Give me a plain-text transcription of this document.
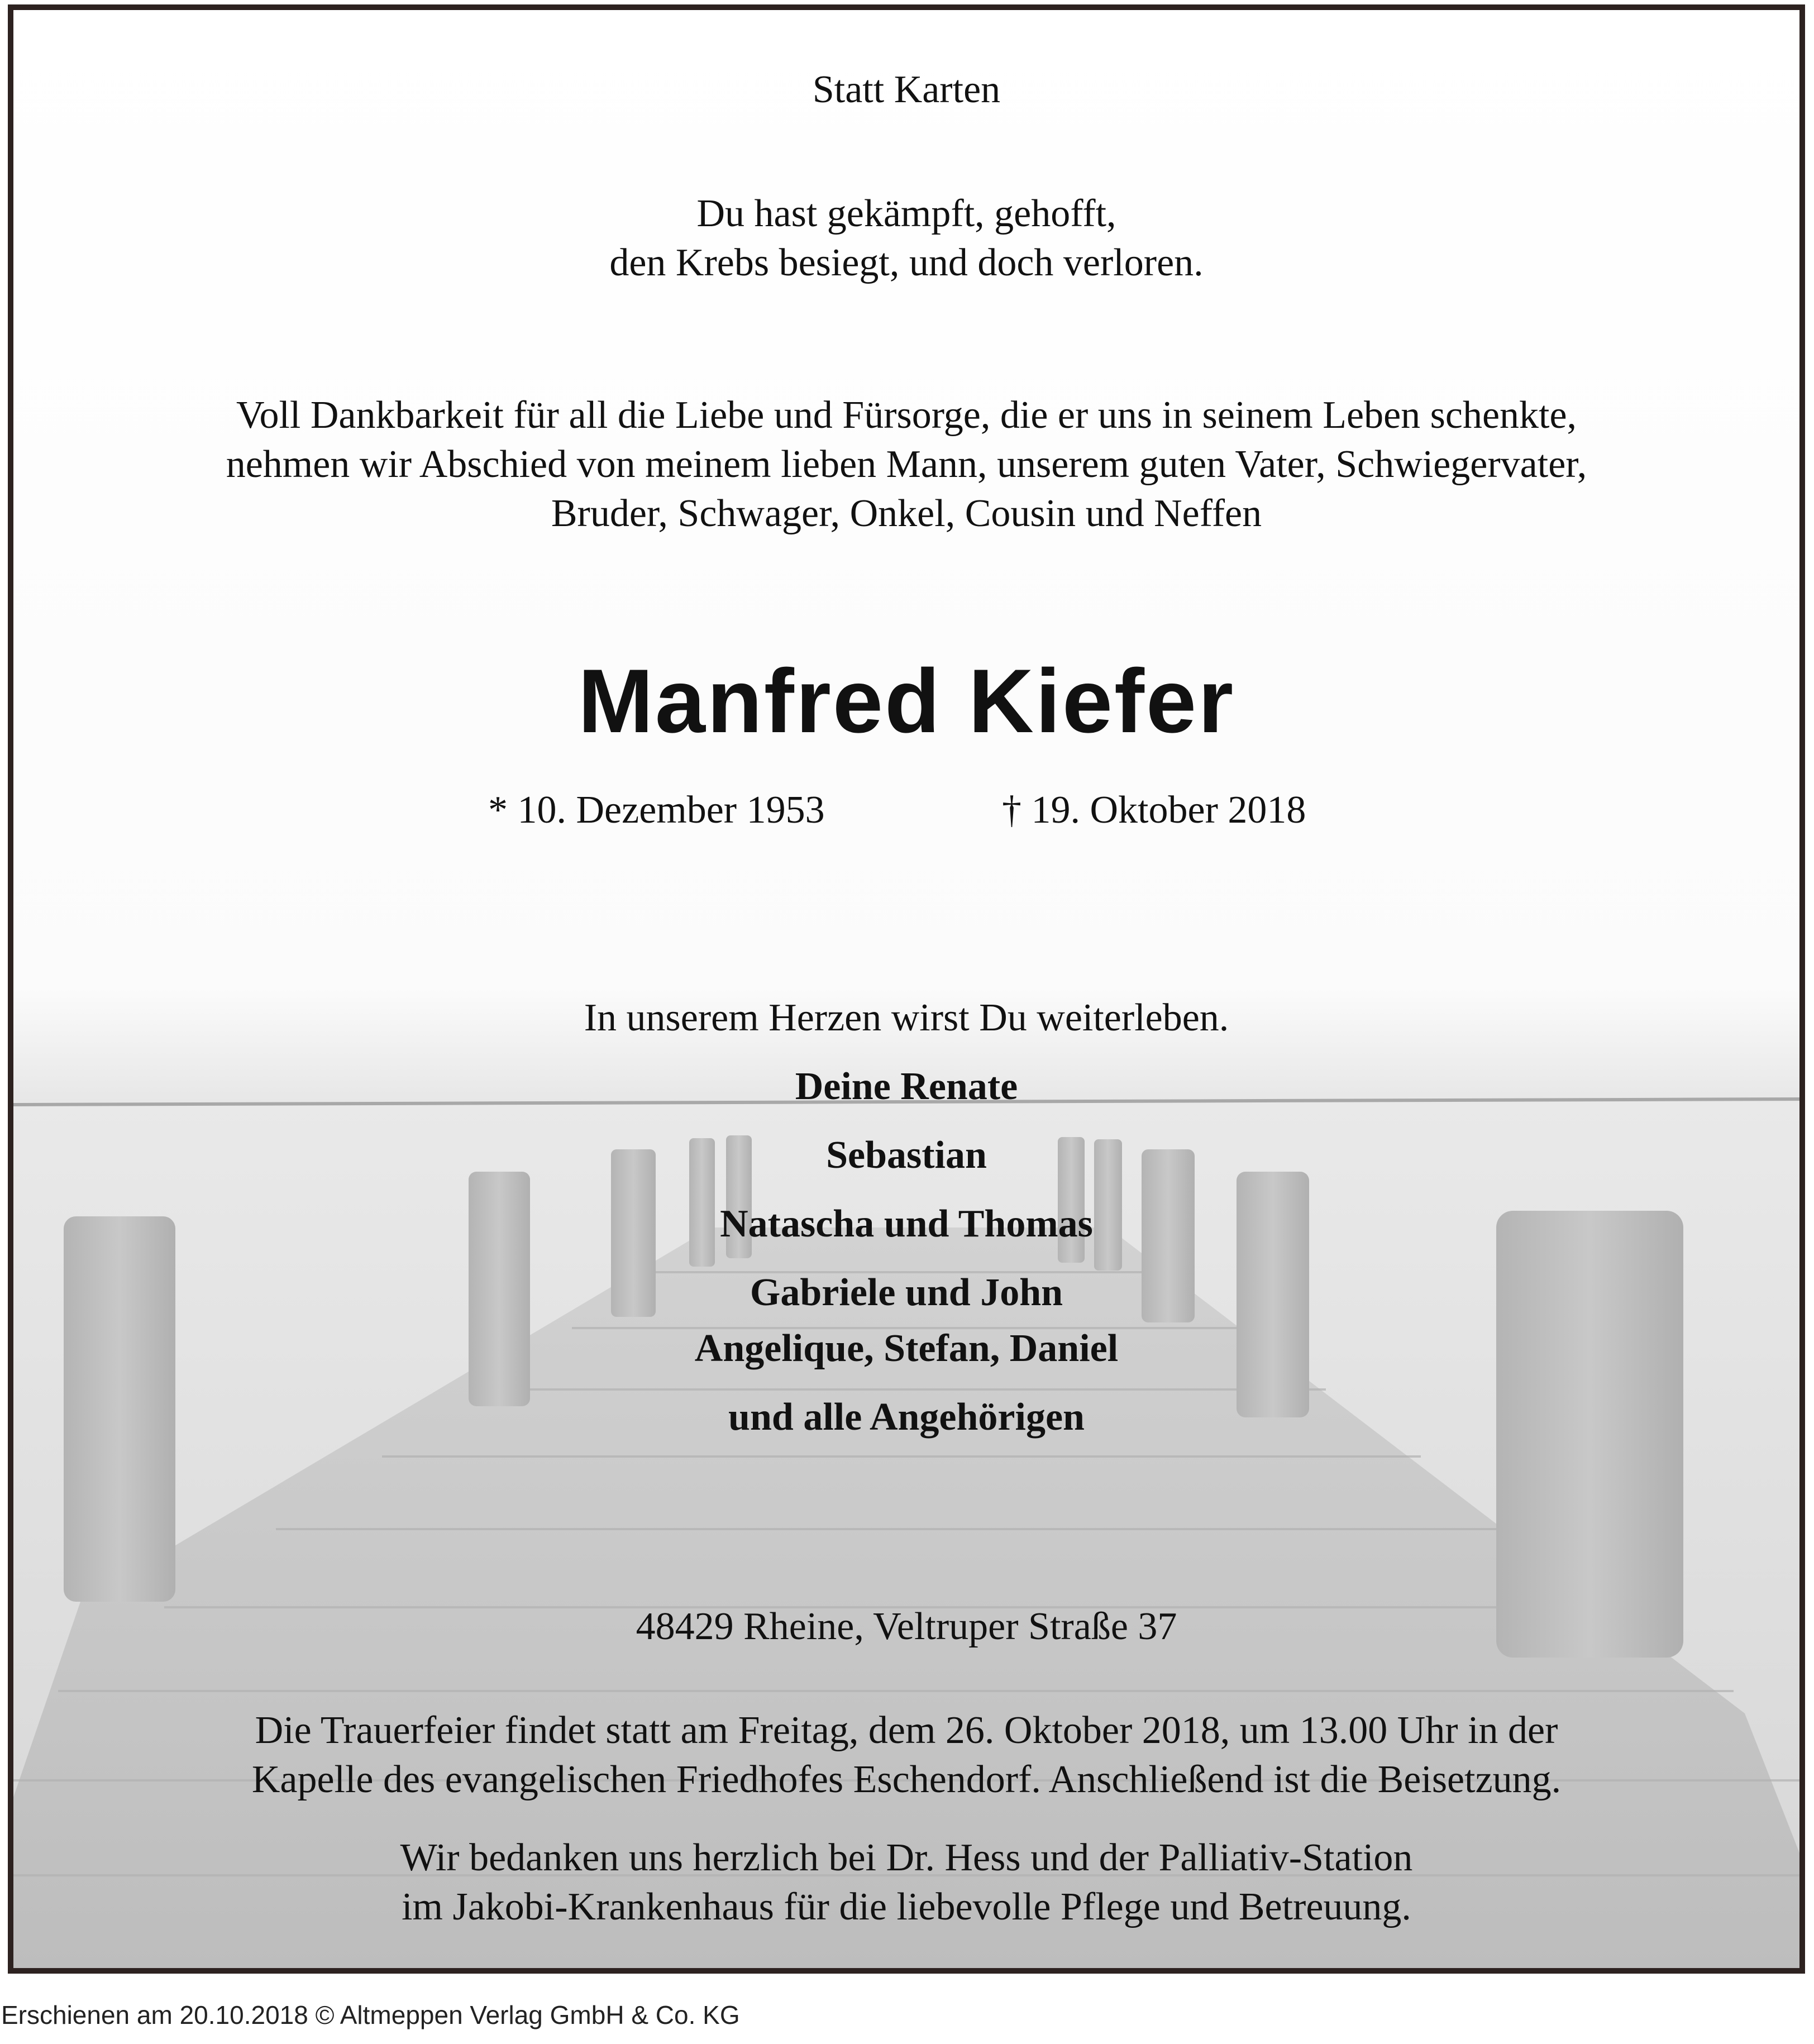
Statt Karten
Du hast gekämpft, gehofft,
den Krebs besiegt, und doch verloren.
Voll Dankbarkeit für all die Liebe und Fürsorge, die er uns in seinem Leben schenkte,
nehmen wir Abschied von meinem lieben Mann, unserem guten Vater, Schwiegervater,
Bruder, Schwager, Onkel, Cousin und Neffen
Manfred Kiefer
* 10. Dezember 1953	† 19. Oktober 2018
In unserem Herzen wirst Du weiterleben.
Deine Renate
Sebastian
Natascha und Thomas
Gabriele und John
Angelique, Stefan, Daniel
und alle Angehörigen
48429 Rheine, Veltruper Straße 37
Die Trauerfeier findet statt am Freitag, dem 26. Oktober 2018, um 13.00 Uhr in der
Kapelle des evangelischen Friedhofes Eschendorf. Anschließend ist die Beisetzung.
Wir bedanken uns herzlich bei Dr. Hess und der Palliativ-Station
im Jakobi-Krankenhaus für die liebevolle Pflege und Betreuung.
Erschienen am 20.10.2018 © Altmeppen Verlag GmbH & Co. KG
